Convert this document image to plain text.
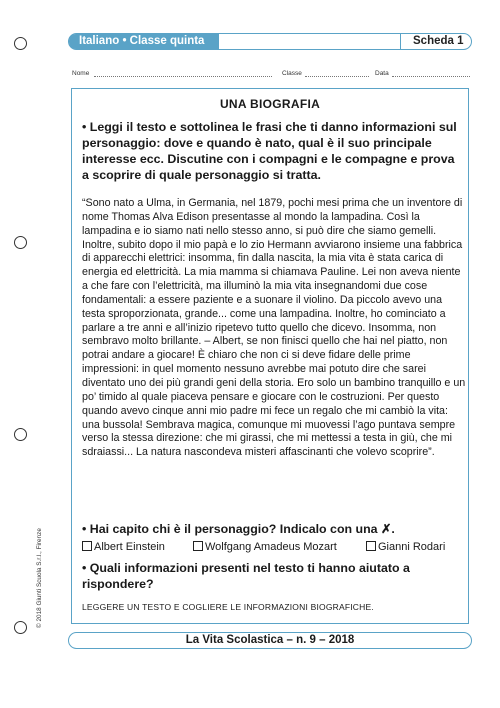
Italiano • Classe quinta	Scheda 1
Nome	Classe	Data
UNA BIOGRAFIA
• Leggi il testo e sottolinea le frasi che ti danno informazioni sul personaggio: dove e quando è nato, qual è il suo principale interesse ecc. Discutine con i compagni e le compagne e prova a scoprire di quale personaggio si tratta.
“Sono nato a Ulma, in Germania, nel 1879, pochi mesi prima che un inventore di nome Thomas Alva Edison presentasse al mondo la lampadina. Così la lampadina e io siamo nati nello stesso anno, si può dire che siamo gemelli. Inoltre, subito dopo il mio papà e lo zio Hermann avviarono insieme una fabbrica di apparecchi elettrici: insomma, fin dalla nascita, la mia vita è stata carica di energia ed elettricità. La mia mamma si chiamava Pauline. Lei non aveva niente a che fare con l’elettricità, ma illuminò la mia vita insegnandomi due cose fondamentali: a essere paziente e a suonare il violino. Da piccolo avevo una testa sproporzionata, grande... come una lampadina. Inoltre, ho cominciato a parlare a tre anni e all’inizio ripetevo tutto quello che dicevo. Insomma, non sembravo molto brillante. – Albert, se non finisci quello che hai nel piatto, non potrai andare a giocare! È chiaro che non ci si deve fidare delle prime impressioni: in quel momento nessuno avrebbe mai potuto dire che sarei diventato uno dei più grandi geni della storia. Ero solo un bambino tranquillo e un po’ timido al quale piaceva pensare e giocare con le costruzioni. Per questo quando avevo cinque anni mio padre mi fece un regalo che mi cambiò la vita: una bussola! Sembrava magica, comunque mi muovessi l’ago puntava sempre verso la stessa direzione: che mi girassi, che mi mettessi a testa in giù, che mi sdraiassi... La natura nascondeva misteri affascinanti che volevo scoprire”.
• Hai capito chi è il personaggio? Indicalo con una ✗.
Albert Einstein	Wolfgang Amadeus Mozart	Gianni Rodari
• Quali informazioni presenti nel testo ti hanno aiutato a rispondere?
LEGGERE UN TESTO E COGLIERE LE INFORMAZIONI BIOGRAFICHE.
© 2018 Giunti Scuola S.r.l., Firenze
La Vita Scolastica – n. 9 – 2018
